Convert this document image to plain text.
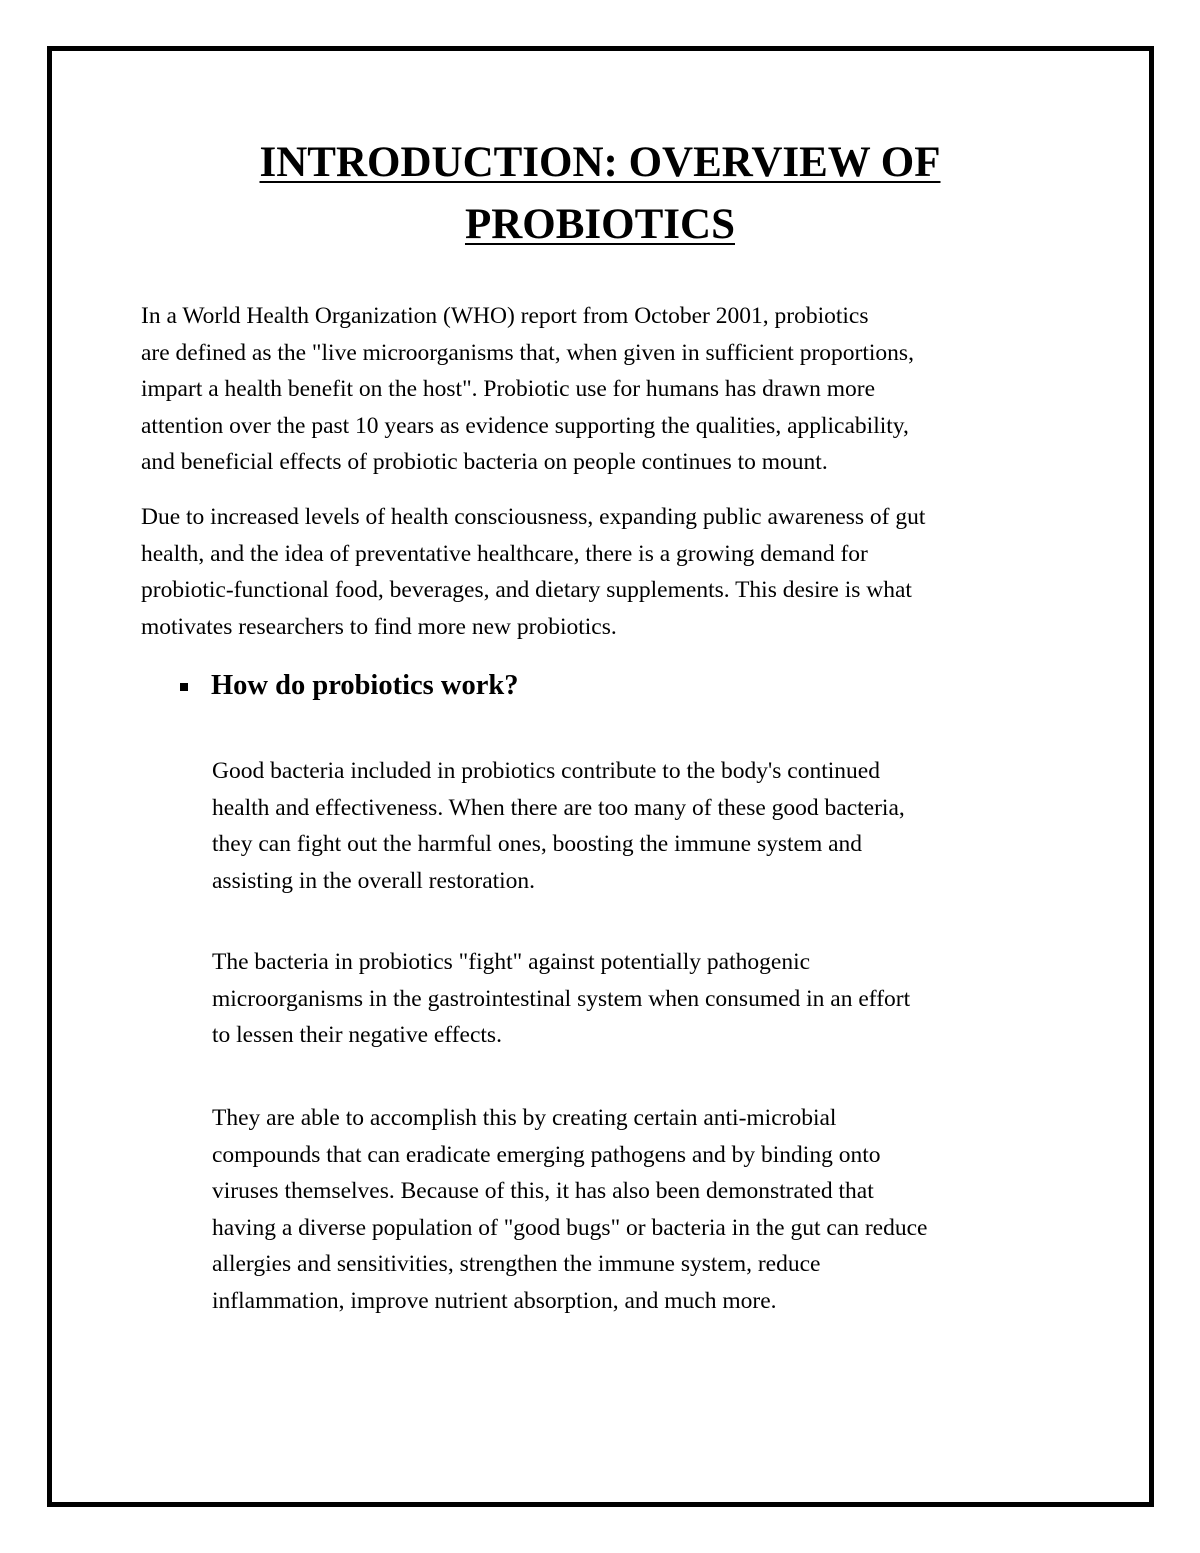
INTRODUCTION: OVERVIEW OF
PROBIOTICS

In a World Health Organization (WHO) report from October 2001, probiotics
are defined as the "live microorganisms that, when given in sufficient proportions,
impart a health benefit on the host". Probiotic use for humans has drawn more
attention over the past 10 years as evidence supporting the qualities, applicability,
and beneficial effects of probiotic bacteria on people continues to mount.

Due to increased levels of health consciousness, expanding public awareness of gut
health, and the idea of preventative healthcare, there is a growing demand for
probiotic-functional food, beverages, and dietary supplements. This desire is what
motivates researchers to find more new probiotics.

How do probiotics work?

Good bacteria included in probiotics contribute to the body's continued
health and effectiveness. When there are too many of these good bacteria,
they can fight out the harmful ones, boosting the immune system and
assisting in the overall restoration.

The bacteria in probiotics "fight" against potentially pathogenic
microorganisms in the gastrointestinal system when consumed in an effort
to lessen their negative effects.

They are able to accomplish this by creating certain anti-microbial
compounds that can eradicate emerging pathogens and by binding onto
viruses themselves. Because of this, it has also been demonstrated that
having a diverse population of "good bugs" or bacteria in the gut can reduce
allergies and sensitivities, strengthen the immune system, reduce
inflammation, improve nutrient absorption, and much more.
